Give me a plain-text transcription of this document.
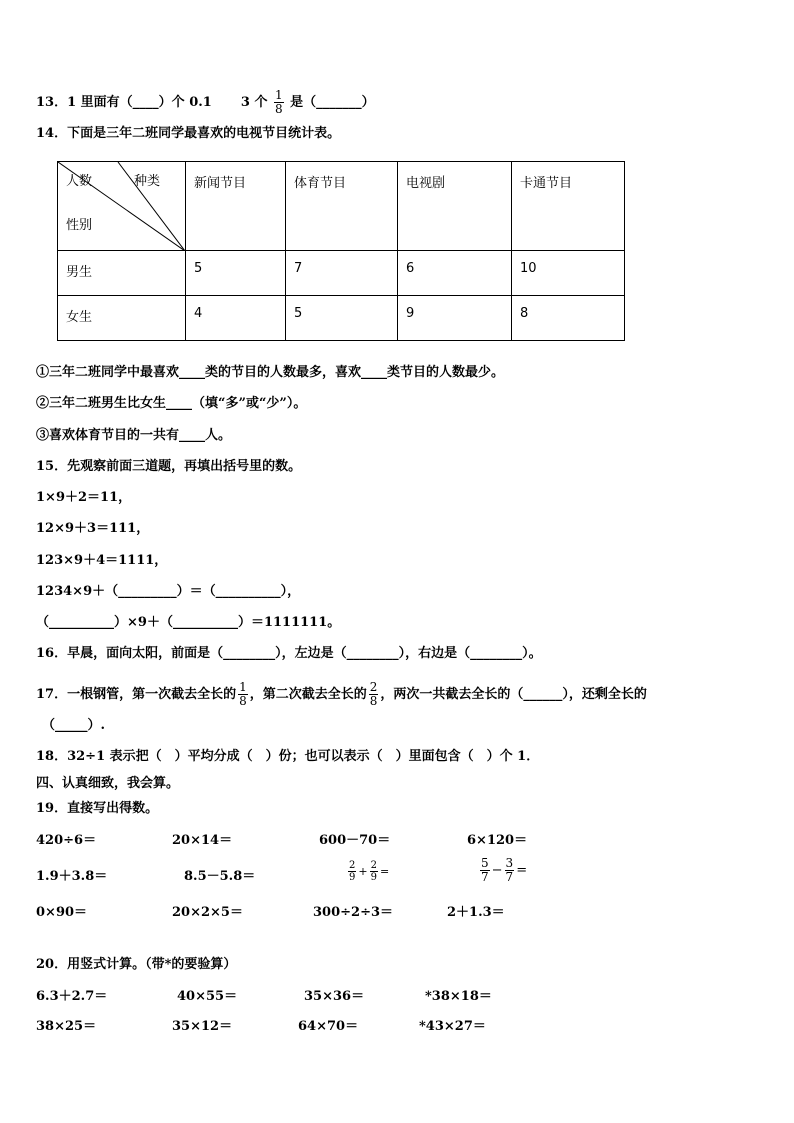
13．1 里面有（____）个 0.1 3 个 $\frac{1}{8}$ 是（_______）
14．下面是三年二班同学最喜欢的电视节目统计表。
人数 种类
性别	新闻节目	体育节目	电视剧	卡通节目

男生	5	7	6	10

女生	4	5	9	8
①三年二班同学中最喜欢____类的节目的人数最多，喜欢____类节目的人数最少。
②三年二班男生比女生____（填“多”或“少”）。
③喜欢体育节目的一共有____人。
15．先观察前面三道题，再填出括号里的数。
1×9＋2＝11，
12×9＋3＝111，
123×9＋4＝1111，
1234×9＋（_________）＝（__________），
（__________）×9＋（__________）＝1111111。
16．早晨，面向太阳，前面是（________），左边是（________），右边是（________）。
17．一根钢管，第一次截去全长的 $\frac{1}{8}$ ，第二次截去全长的 $\frac{2}{8}$ ，两次一共截去全长的（______），还剩全长的
（_____）.
18．32÷1 表示把（　）平均分成（　）份；也可以表示（　）里面包含（　）个 1．
四、认真细致，我会算。
19．直接写出得数。
420÷6＝	20×14＝	600－70＝	6×120＝
1.9＋3.8＝	8.5－5.8＝	$\frac{2}{9} + \frac{2}{9}$ =	$\frac{5}{7} - \frac{3}{7}$ =
0×90＝	20×2×5＝	300÷2÷3＝	2＋1.3＝
20．用竖式计算。（带*的要验算）
6.3＋2.7＝	40×55＝	35×36＝	*38×18＝
38×25＝	35×12＝	64×70＝	*43×27＝
